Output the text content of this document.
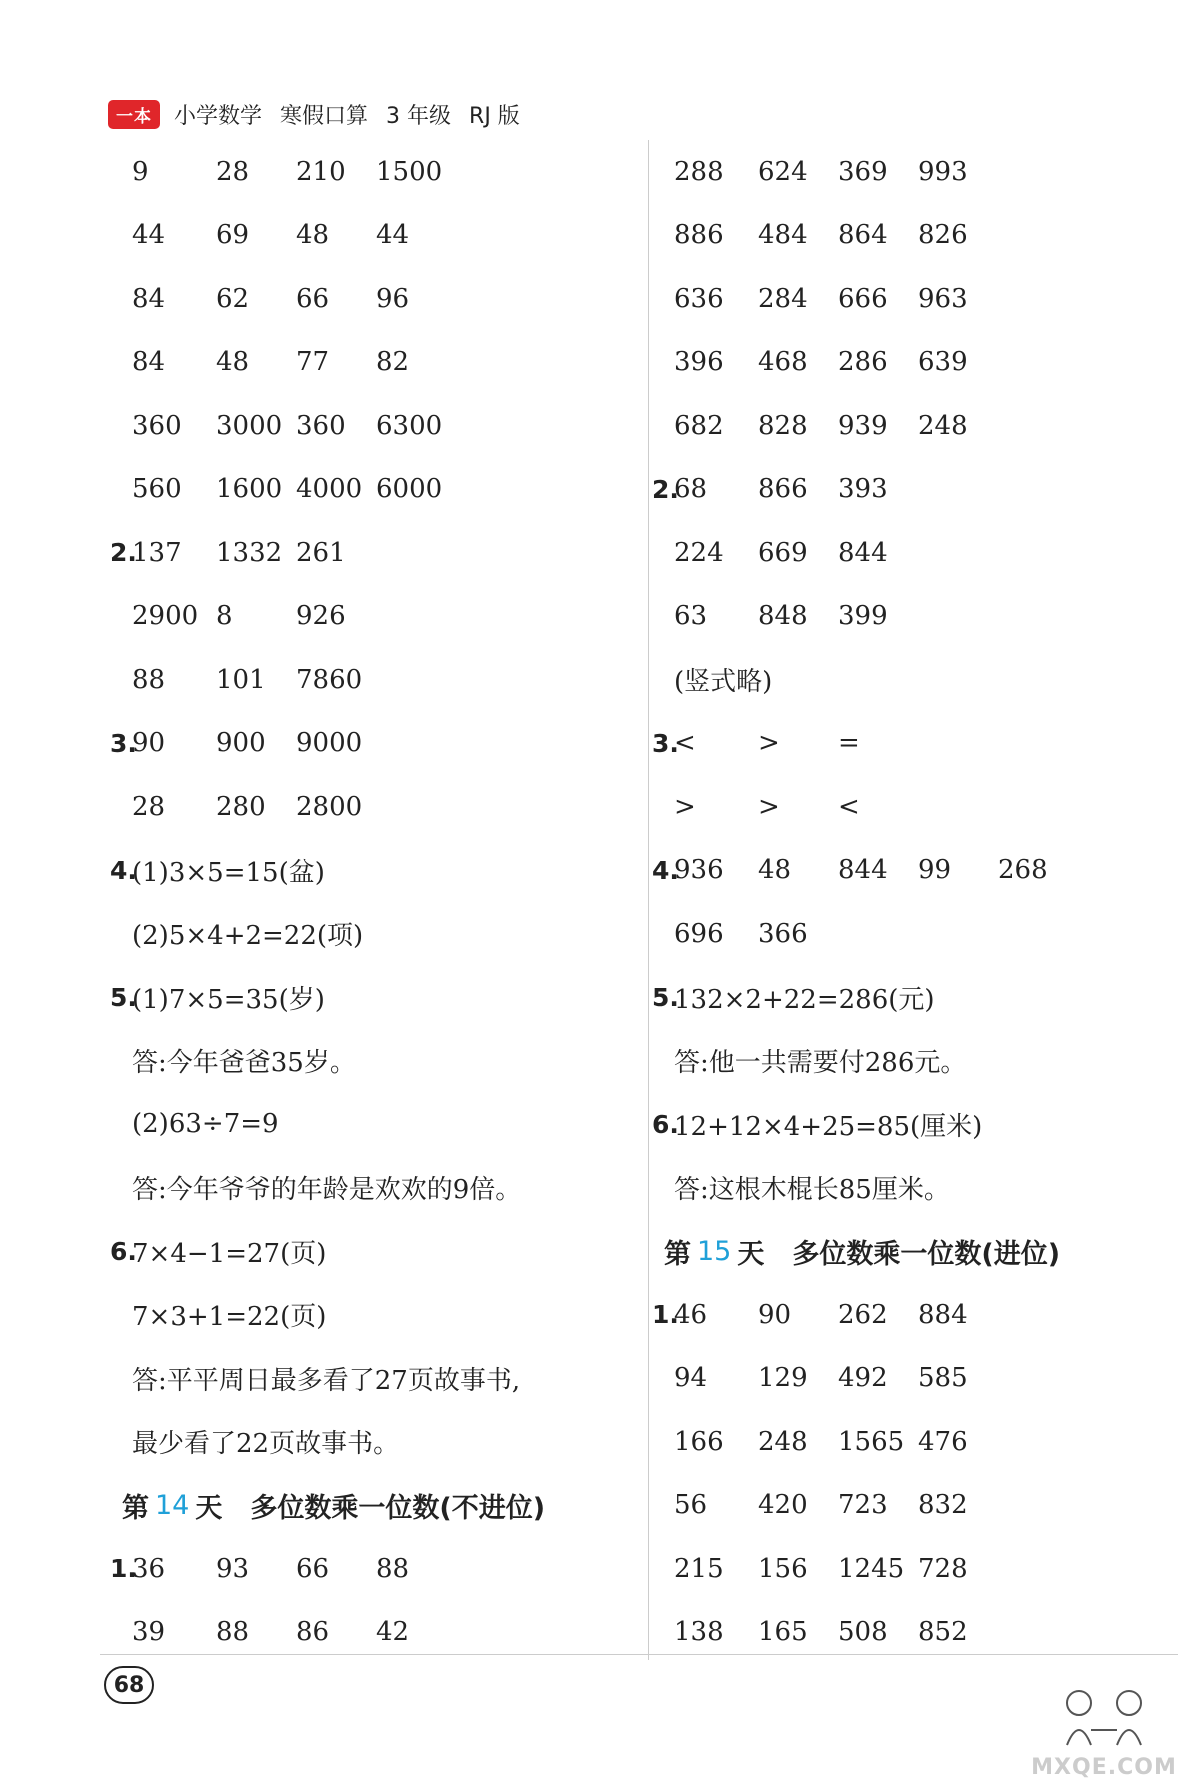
一本	小学数学 寒假口算 3 年级 RJ 版
9	28 210 1500
44 69 48 44
84 62 66 96
84 48 77 82
360 3000 360 6300
560 1600 4000 6000
2.
137 1332 261
2900 8 926
88 101 7860
3.
90 900 9000
28 280 2800
4.
(1)3×5=15(盆)
(2)5×4+2=22(项)
5.
(1)7×5=35(岁)
答:今年爸爸35岁。
(2)63÷7=9
答:今年爷爷的年龄是欢欢的9倍。
6.
7×4−1=27(页)
7×3+1=22(页)
答:平平周日最多看了27页故事书,
最少看了22页故事书。
第 14 天 多位数乘一位数(不进位)
1.
36 93 66 88
39 88 86 42
288 624 369 993
886 484 864 826
636 284 666 963
396 468 286 639
682 828 939 248
2.
68 866 393
224 669 844
63 848 399
(竖式略)
3.
< > =
> > <
4.
936 48 844 99 268
696 366
5.
132×2+22=286(元)
答:他一共需要付286元。
6.
12+12×4+25=85(厘米)
答:这根木棍长85厘米。
第 15 天 多位数乘一位数(进位)
1.
46 90 262 884
94 129 492 585
166 248 1565 476
56 420 723 832
215 156 1245 728
138 165 508 852
68
MXQE.COM
